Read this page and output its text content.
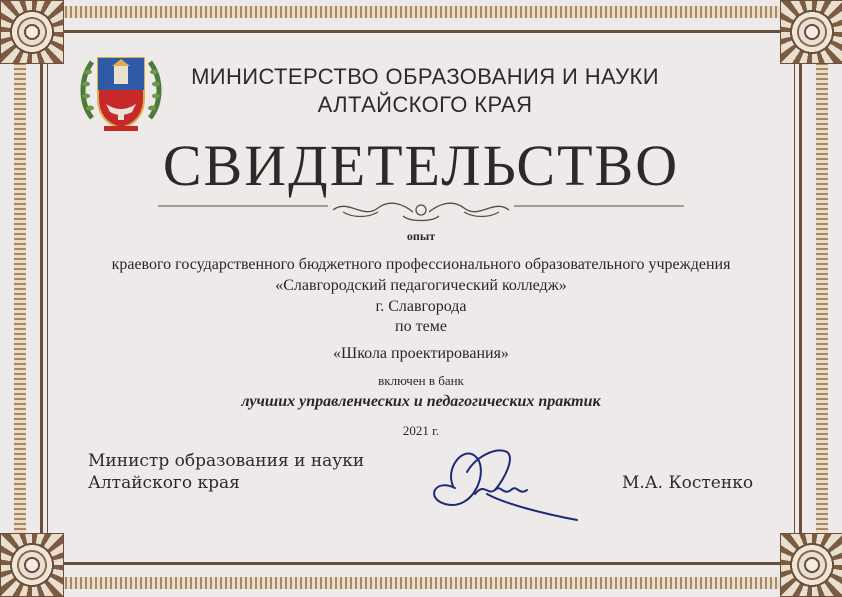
МИНИСТЕРСТВО ОБРАЗОВАНИЯ И НАУКИ
АЛТАЙСКОГО КРАЯ
СВИДЕТЕЛЬСТВО
опыт
краевого государственного бюджетного профессионального образовательного учреждения
«Славгородский педагогический колледж»
г. Славгорода
по теме
«Школа проектирования»
включен в банк
лучших управленческих и педагогических практик
2021 г.
Министр образования и науки
Алтайского края	М.А. Костенко
